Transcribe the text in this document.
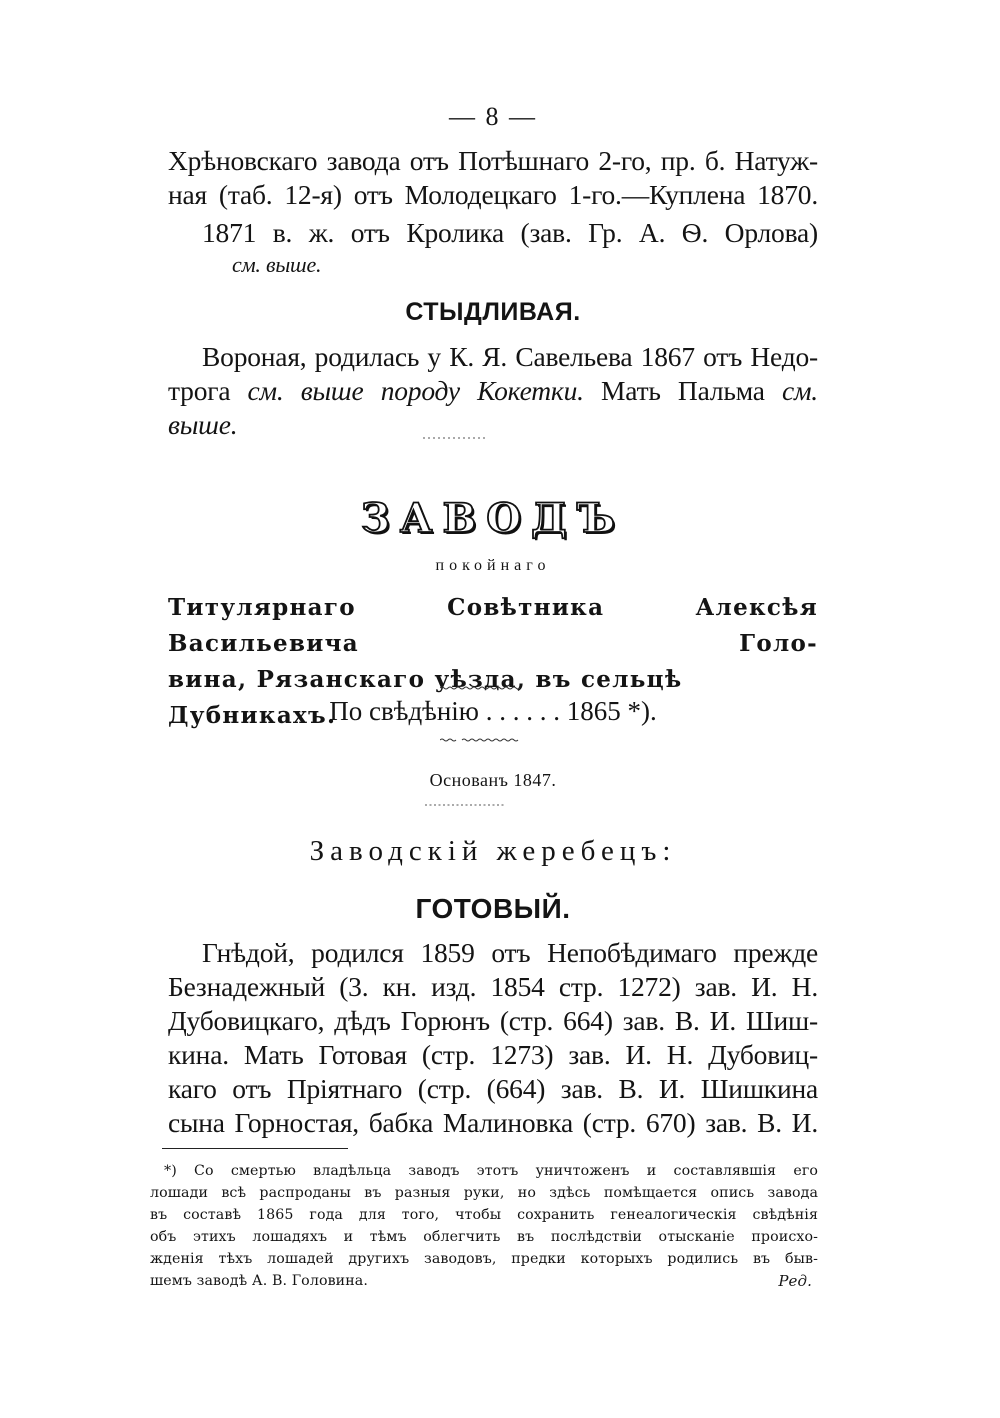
— 8 —
Хрѣновскаго завода отъ Потѣшнаго 2-го, пр. б. Натуж-
ная (таб. 12-я) отъ Молодецкаго 1-го.—Куплена 1870.
1871 в. ж. отъ Кролика (зав. Гр. А. Ѳ. Орлова)
см. выше.
СТЫДЛИВАЯ.
Вороная, родилась у К. Я. Савельева 1867 отъ Недо-
трога см. выше породу Кокетки. Мать Пальма см. выше.
ЗАВОДЪ
покойнаго
Титулярнаго Совѣтника Алексѣя Васильевича Голо-
вина, Рязанскаго уѣзда, въ сельцѣ Дубникахъ.
По свѣдѣнію . . . . . . 1865 *).
Основанъ 1847.
Заводскій жеребецъ:
ГОТОВЫЙ.
Гнѣдой, родился 1859 отъ Непобѣдимаго прежде
Безнадежный (3. кн. изд. 1854 стр. 1272) зав. И. Н.
Дубовицкаго, дѣдъ Горюнъ (стр. 664) зав. В. И. Шиш-
кина. Мать Готовая (стр. 1273) зав. И. Н. Дубовиц-
каго отъ Пріятнаго (стр. (664) зав. В. И. Шишкина
сына Горностая, бабка Малиновка (стр. 670) зав. В. И.
*) Со смертью владѣльца заводъ этотъ уничтоженъ и составлявшія его
лошади всѣ распроданы въ разныя руки, но здѣсь помѣщается опись завода
въ составѣ 1865 года для того, чтобы сохранить генеалогическія свѣдѣнія
объ этихъ лошадяхъ и тѣмъ облегчить въ послѣдствіи отысканіе происхо-
жденія тѣхъ лошадей другихъ заводовъ, предки которыхъ родились въ быв-
шемъ заводѣ А. В. Головина.	Ред.
